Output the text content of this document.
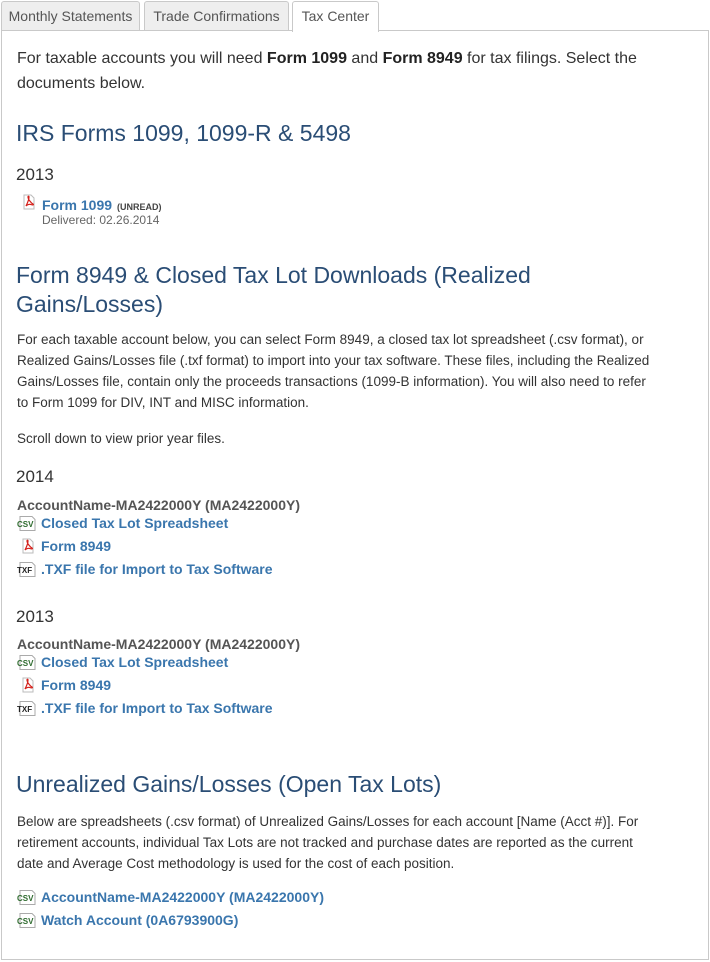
Monthly Statements	Trade Confirmations	Tax Center
For taxable accounts you will need Form 1099 and Form 8949 for tax filings. Select the documents below.
IRS Forms 1099, 1099-R & 5498
2013
Form 1099 (UNREAD)
Delivered: 02.26.2014
Form 8949 & Closed Tax Lot Downloads (Realized
Gains/Losses)
For each taxable account below, you can select Form 8949, a closed tax lot spreadsheet (.csv format), or
Realized Gains/Losses file (.txf format) to import into your tax software. These files, including the Realized
Gains/Losses file, contain only the proceeds transactions (1099-B information). You will also need to refer
to Form 1099 for DIV, INT and MISC information.
Scroll down to view prior year files.
2014
AccountName-MA2422000Y (MA2422000Y)
CSV Closed Tax Lot Spreadsheet
Form 8949
TXF .TXF file for Import to Tax Software
2013
AccountName-MA2422000Y (MA2422000Y)
CSV Closed Tax Lot Spreadsheet
Form 8949
TXF .TXF file for Import to Tax Software
Unrealized Gains/Losses (Open Tax Lots)
Below are spreadsheets (.csv format) of Unrealized Gains/Losses for each account [Name (Acct #)]. For
retirement accounts, individual Tax Lots are not tracked and purchase dates are reported as the current
date and Average Cost methodology is used for the cost of each position.
CSV AccountName-MA2422000Y (MA2422000Y)
CSV Watch Account (0A6793900G)
